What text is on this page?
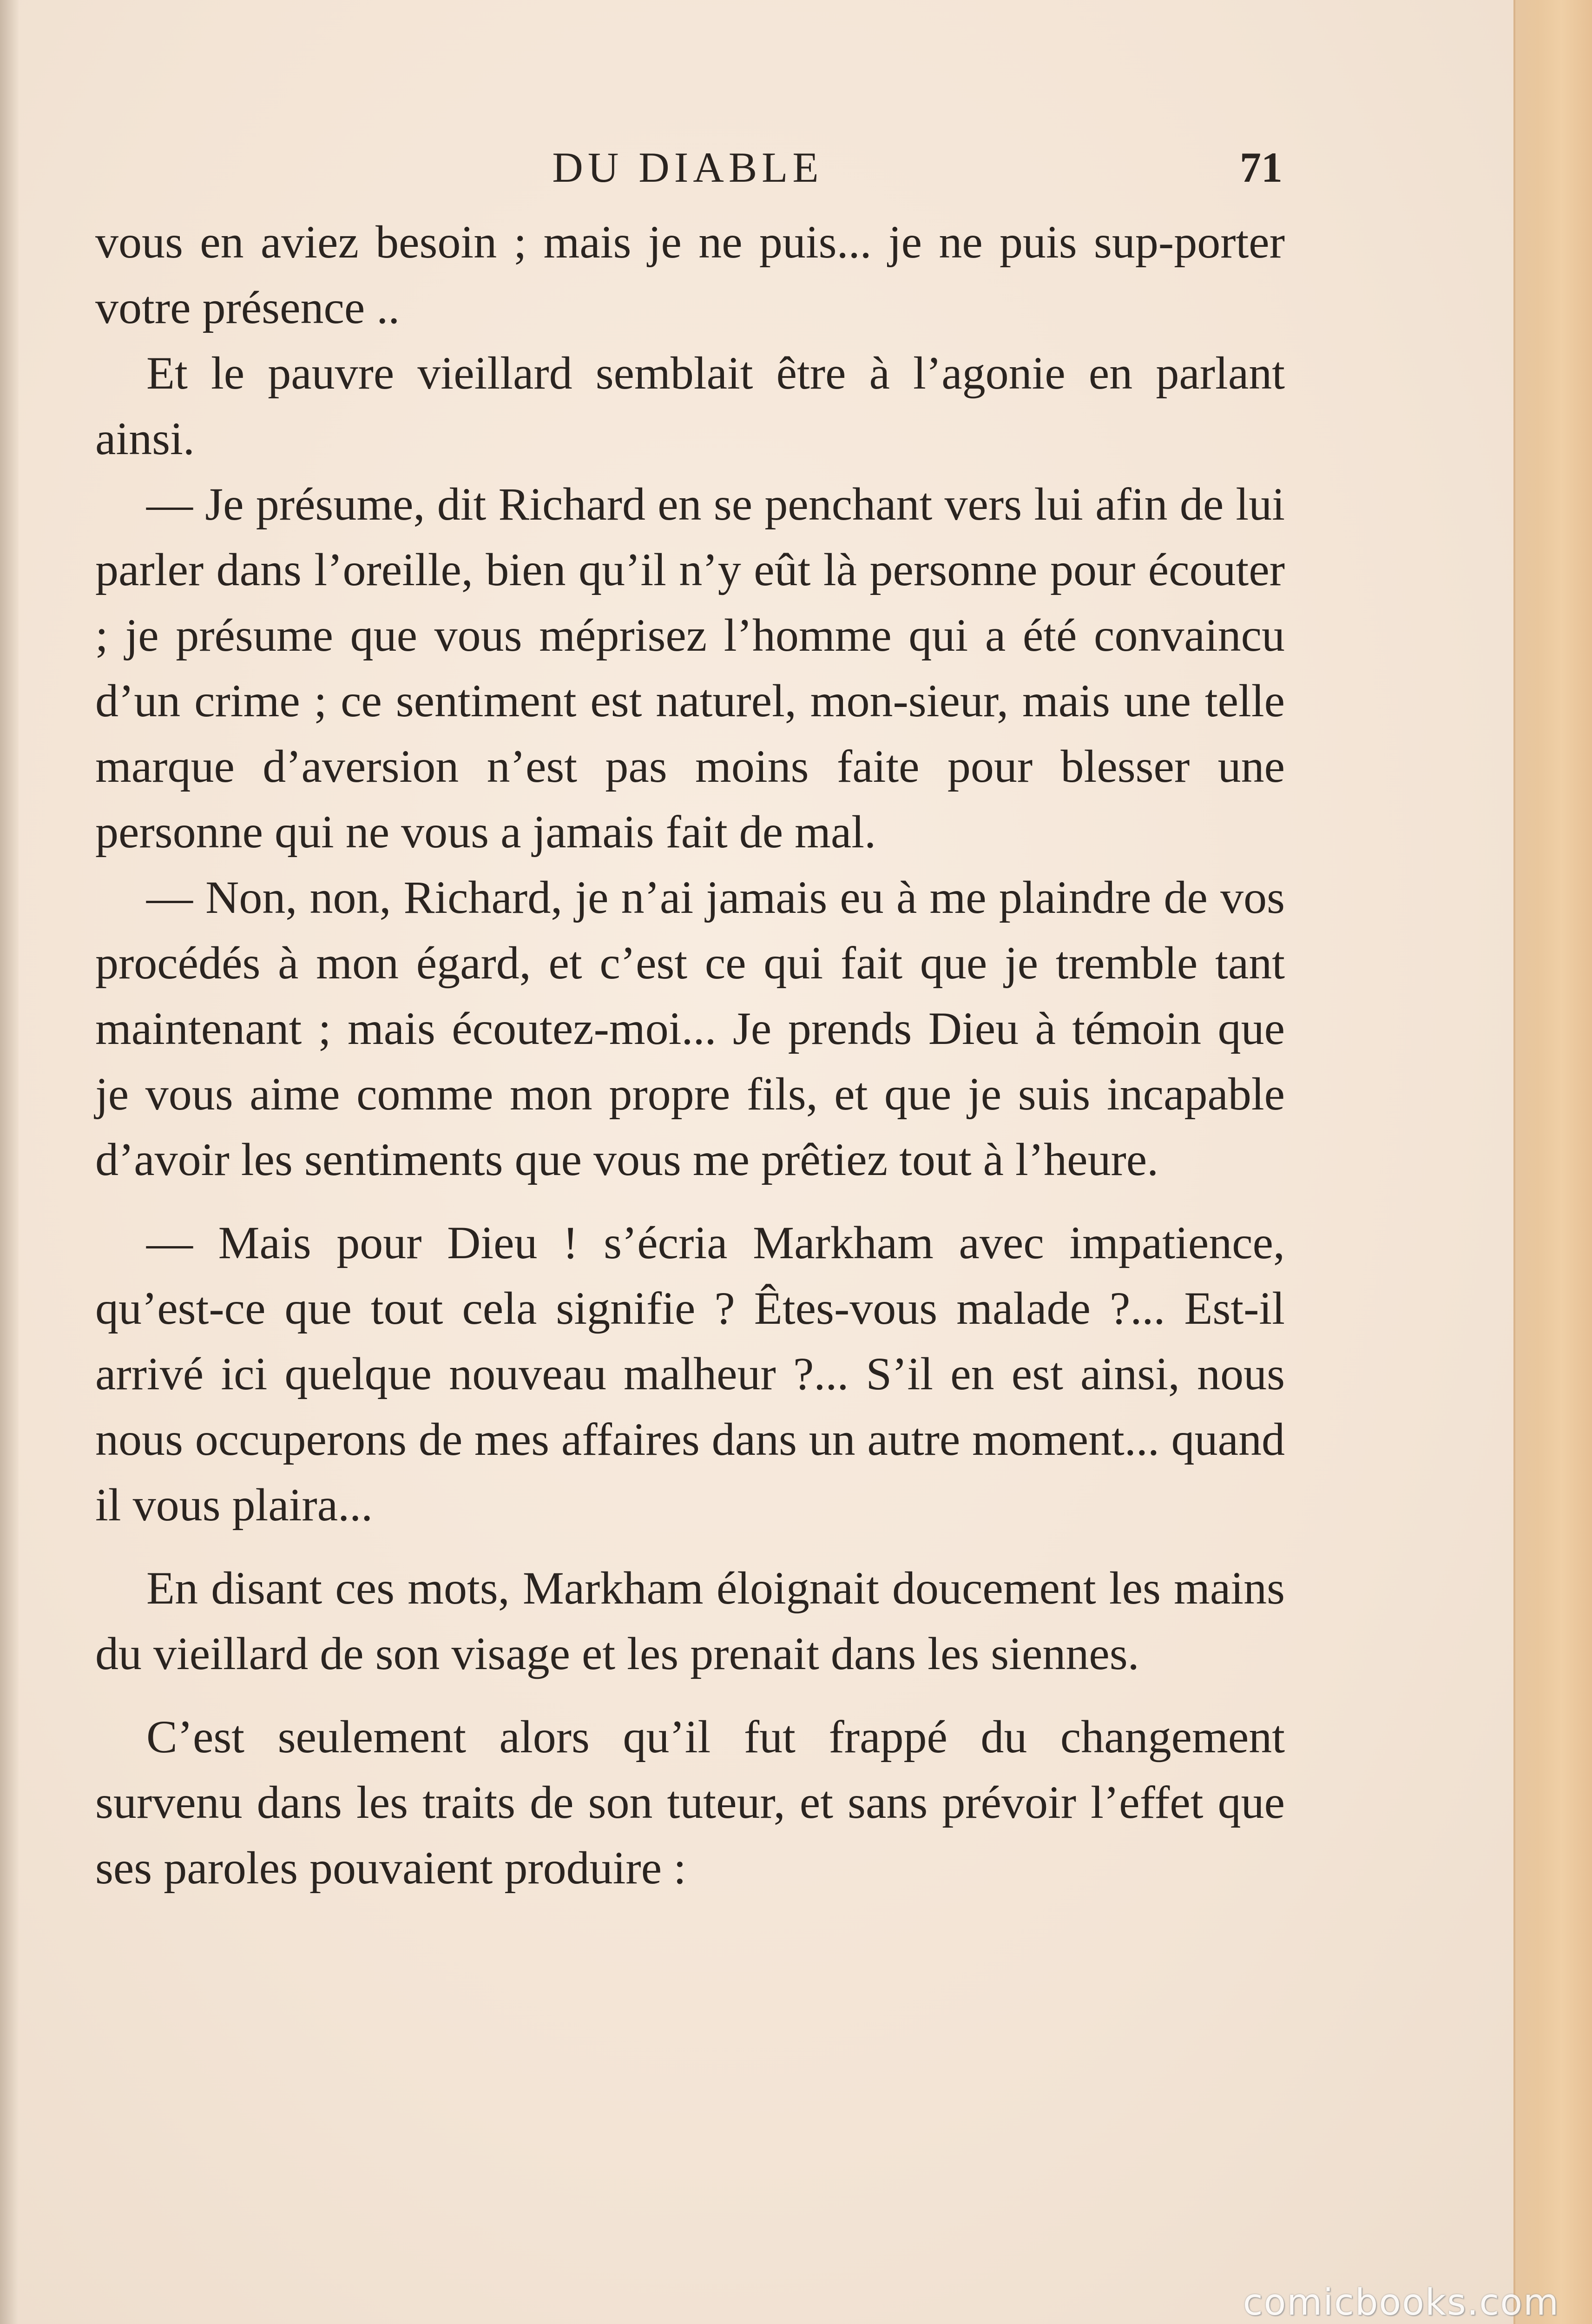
DU DIABLE	71

vous en aviez besoin ; mais je ne puis... je ne puis sup-porter votre présence ..

Et le pauvre vieillard semblait être à l’agonie en parlant ainsi.

— Je présume, dit Richard en se penchant vers lui afin de lui parler dans l’oreille, bien qu’il n’y eût là personne pour écouter ; je présume que vous méprisez l’homme qui a été convaincu d’un crime ; ce sentiment est naturel, mon-sieur, mais une telle marque d’aversion n’est pas moins faite pour blesser une personne qui ne vous a jamais fait de mal.

— Non, non, Richard, je n’ai jamais eu à me plaindre de vos procédés à mon égard, et c’est ce qui fait que je tremble tant maintenant ; mais écoutez-moi... Je prends Dieu à témoin que je vous aime comme mon propre fils, et que je suis incapable d’avoir les sentiments que vous me prêtiez tout à l’heure.

— Mais pour Dieu ! s’écria Markham avec impatience, qu’est-ce que tout cela signifie ? Êtes-vous malade ?... Est-il arrivé ici quelque nouveau malheur ?... S’il en est ainsi, nous nous occuperons de mes affaires dans un autre moment... quand il vous plaira...

En disant ces mots, Markham éloignait doucement les mains du vieillard de son visage et les prenait dans les siennes.

C’est seulement alors qu’il fut frappé du changement survenu dans les traits de son tuteur, et sans prévoir l’effet que ses paroles pouvaient produire :

comicbooks.com
